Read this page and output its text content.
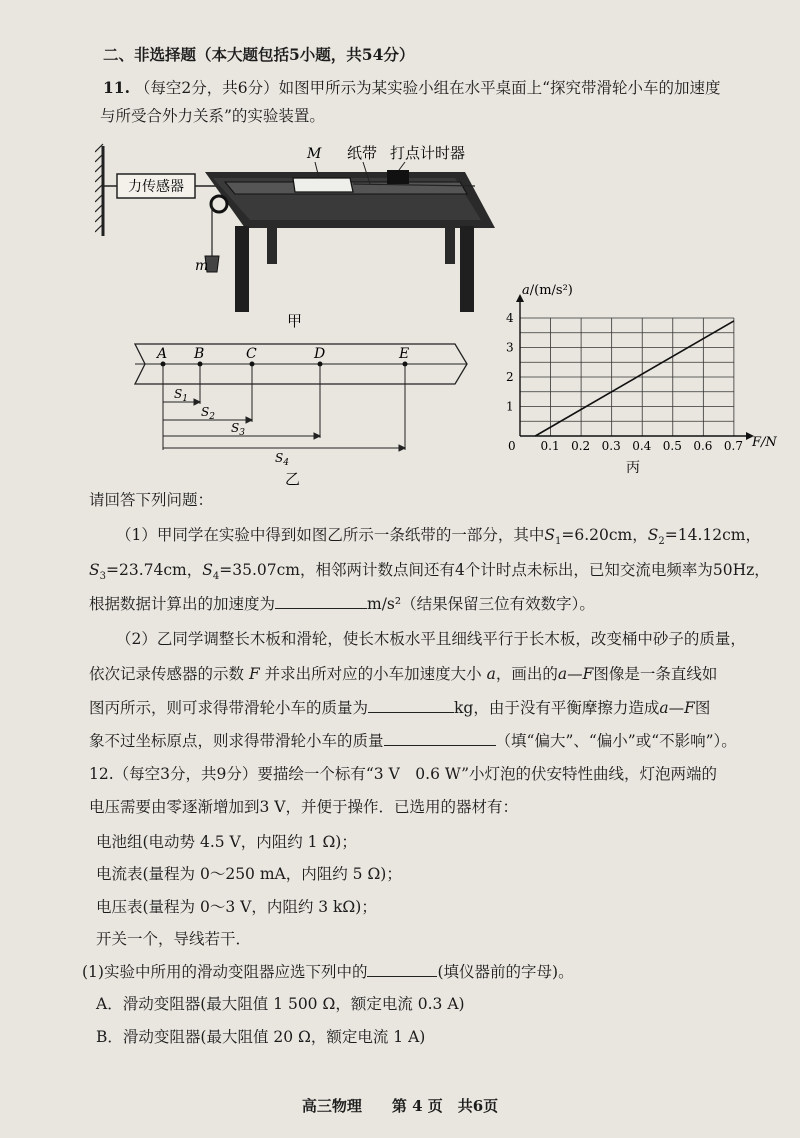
二、非选择题（本大题包括5小题，共54分）
11. （每空2分，共6分）如图甲所示为某实验小组在水平桌面上“探究带滑轮小车的加速度
与所受合外力关系”的实验装置。
力传感器
M 纸带 打点计时器
m
甲
A B	C	D	E
$S_1$
$S_2$
$S_3$
$S_4$
乙
0
1
2
3
4
0.1 0.2 0.3 0.4 0.5 0.6 0.7
a/(m/s²)
F/N
丙
请回答下列问题：
（1）甲同学在实验中得到如图乙所示一条纸带的一部分，其中$S_1=6.20cm$，$S_2=14.12cm$，
$S_3=23.74cm$，$S_4=35.07cm$，相邻两计数点间还有4个计时点未标出，已知交流电频率为50Hz，
根据数据计算出的加速度为	m/s²（结果保留三位有效数字）。
（2）乙同学调整长木板和滑轮，使长木板水平且细线平行于长木板，改变桶中砂子的质量，
依次记录传感器的示数 F 并求出所对应的小车加速度大小 a，画出的a—F图像是一条直线如
图丙所示，则可求得带滑轮小车的质量为	kg，由于没有平衡摩擦力造成a—F图
象不过坐标原点，则求得带滑轮小车的质量	（填“偏大”、“偏小”或“不影响”）。
12.（每空3分，共9分）要描绘一个标有“3 V　0.6 W”小灯泡的伏安特性曲线，灯泡两端的
电压需要由零逐渐增加到3 V，并便于操作．已选用的器材有：
电池组(电动势 4.5 V，内阻约 1 Ω)；
电流表(量程为 0～250 mA，内阻约 5 Ω)；
电压表(量程为 0～3 V，内阻约 3 kΩ)；
开关一个，导线若干．
(1)实验中所用的滑动变阻器应选下列中的	(填仪器前的字母)。
A．滑动变阻器(最大阻值 1 500 Ω，额定电流 0.3 A)
B．滑动变阻器(最大阻值 20 Ω，额定电流 1 A)
高三物理　　 第 4 页　共6页
